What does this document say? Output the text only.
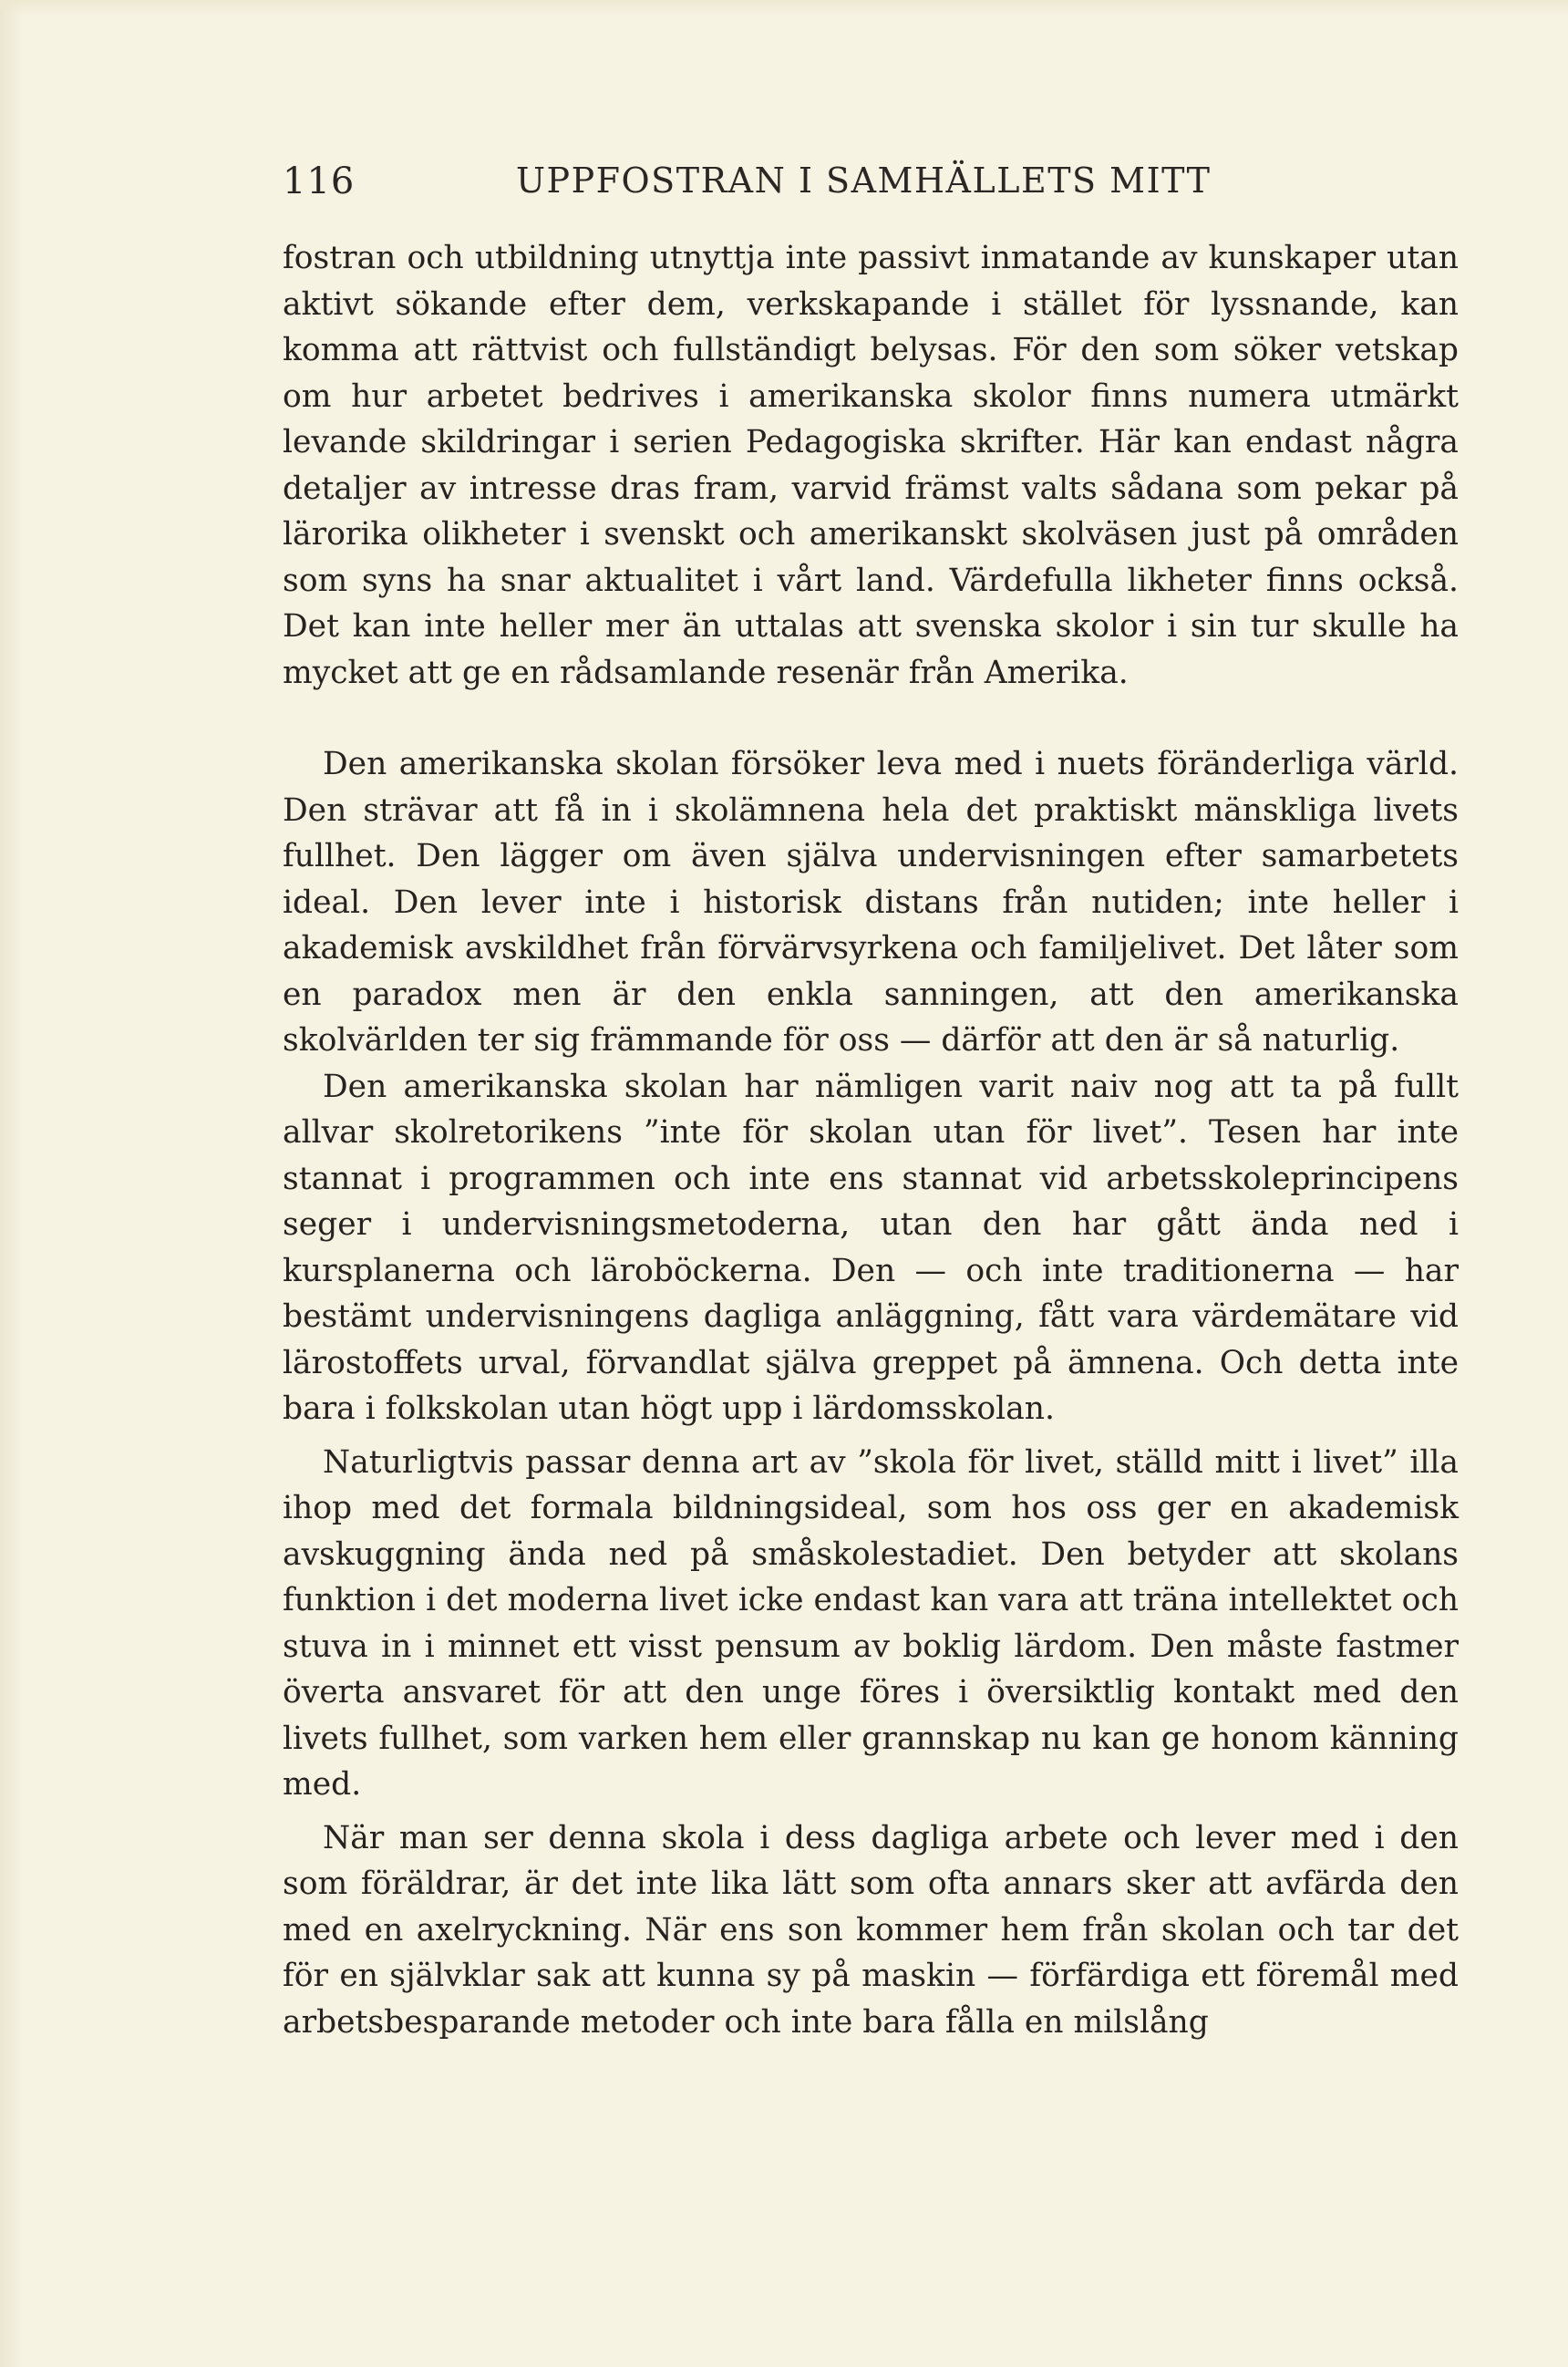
116	UPPFOSTRAN I SAMHÄLLETS MITT

fostran och utbildning utnyttja inte passivt inmatande av kunskaper utan aktivt sökande efter dem, verkskapande i stället för lyssnande, kan komma att rättvist och fullständigt belysas. För den som söker vetskap om hur arbetet bedrives i amerikanska skolor finns numera utmärkt levande skildringar i serien Pedagogiska skrifter. Här kan endast några detaljer av intresse dras fram, varvid främst valts sådana som pekar på lärorika olikheter i svenskt och amerikanskt skolväsen just på områden som syns ha snar aktualitet i vårt land. Värdefulla likheter finns också. Det kan inte heller mer än uttalas att svenska skolor i sin tur skulle ha mycket att ge en rådsamlande resenär från Amerika.

Den amerikanska skolan försöker leva med i nuets föränderliga värld. Den strävar att få in i skolämnena hela det praktiskt mänskliga livets fullhet. Den lägger om även själva undervisningen efter samarbetets ideal. Den lever inte i historisk distans från nutiden; inte heller i akademisk avskildhet från förvärvsyrkena och familjelivet. Det låter som en paradox men är den enkla sanningen, att den amerikanska skolvärlden ter sig främmande för oss — därför att den är så naturlig.

Den amerikanska skolan har nämligen varit naiv nog att ta på fullt allvar skolretorikens ”inte för skolan utan för livet”. Tesen har inte stannat i programmen och inte ens stannat vid arbetsskoleprincipens seger i undervisningsmetoderna, utan den har gått ända ned i kursplanerna och läroböckerna. Den — och inte traditionerna — har bestämt undervisningens dagliga anläggning, fått vara värdemätare vid lärostoffets urval, förvandlat själva greppet på ämnena. Och detta inte bara i folkskolan utan högt upp i lärdomsskolan.

Naturligtvis passar denna art av ”skola för livet, ställd mitt i livet” illa ihop med det formala bildningsideal, som hos oss ger en akademisk avskuggning ända ned på småskolestadiet. Den betyder att skolans funktion i det moderna livet icke endast kan vara att träna intellektet och stuva in i minnet ett visst pensum av boklig lärdom. Den måste fastmer överta ansvaret för att den unge föres i översiktlig kontakt med den livets fullhet, som varken hem eller grannskap nu kan ge honom känning med.

När man ser denna skola i dess dagliga arbete och lever med i den som föräldrar, är det inte lika lätt som ofta annars sker att avfärda den med en axelryckning. När ens son kommer hem från skolan och tar det för en självklar sak att kunna sy på maskin — förfärdiga ett föremål med arbetsbesparande metoder och inte bara fålla en milslång
